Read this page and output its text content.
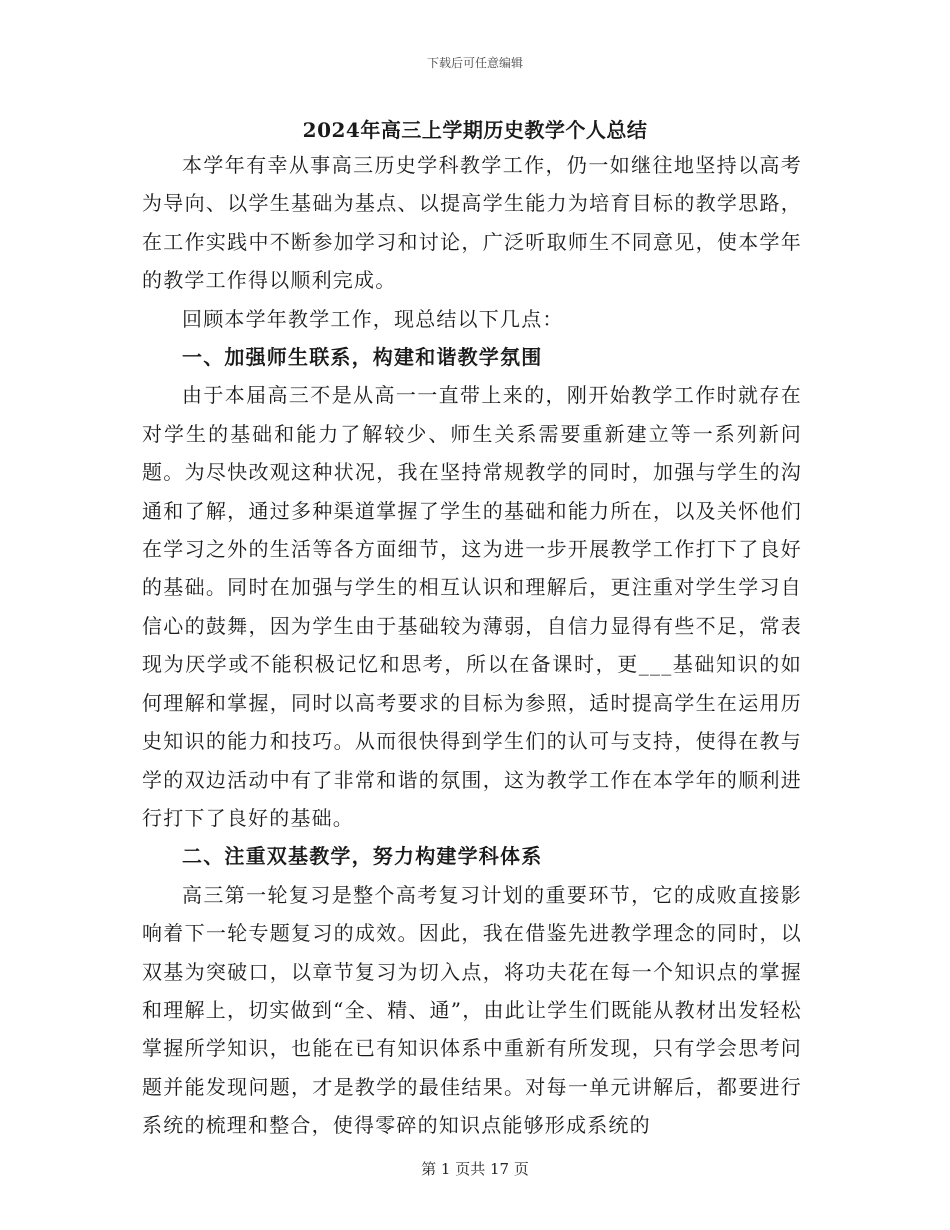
下载后可任意编辑
2024年高三上学期历史教学个人总结

本学年有幸从事高三历史学科教学工作，仍一如继往地坚持以高考为导向、以学生基础为基点、以提高学生能力为培育目标的教学思路，在工作实践中不断参加学习和讨论，广泛听取师生不同意见，使本学年的教学工作得以顺利完成。

回顾本学年教学工作，现总结以下几点：

一、加强师生联系，构建和谐教学氛围

由于本届高三不是从高一一直带上来的，刚开始教学工作时就存在对学生的基础和能力了解较少、师生关系需要重新建立等一系列新问题。为尽快改观这种状况，我在坚持常规教学的同时，加强与学生的沟通和了解，通过多种渠道掌握了学生的基础和能力所在，以及关怀他们在学习之外的生活等各方面细节，这为进一步开展教学工作打下了良好的基础。同时在加强与学生的相互认识和理解后，更注重对学生学习自信心的鼓舞，因为学生由于基础较为薄弱，自信力显得有些不足，常表现为厌学或不能积极记忆和思考，所以在备课时，更___基础知识的如何理解和掌握，同时以高考要求的目标为参照，适时提高学生在运用历史知识的能力和技巧。从而很快得到学生们的认可与支持，使得在教与学的双边活动中有了非常和谐的氛围，这为教学工作在本学年的顺利进行打下了良好的基础。

二、注重双基教学，努力构建学科体系

高三第一轮复习是整个高考复习计划的重要环节，它的成败直接影响着下一轮专题复习的成效。因此，我在借鉴先进教学理念的同时，以双基为突破口，以章节复习为切入点，将功夫花在每一个知识点的掌握和理解上，切实做到“全、精、通”，由此让学生们既能从教材出发轻松掌握所学知识，也能在已有知识体系中重新有所发现，只有学会思考问题并能发现问题，才是教学的最佳结果。对每一单元讲解后，都要进行系统的梳理和整合，使得零碎的知识点能够形成系统的

第 1 页共 17 页
